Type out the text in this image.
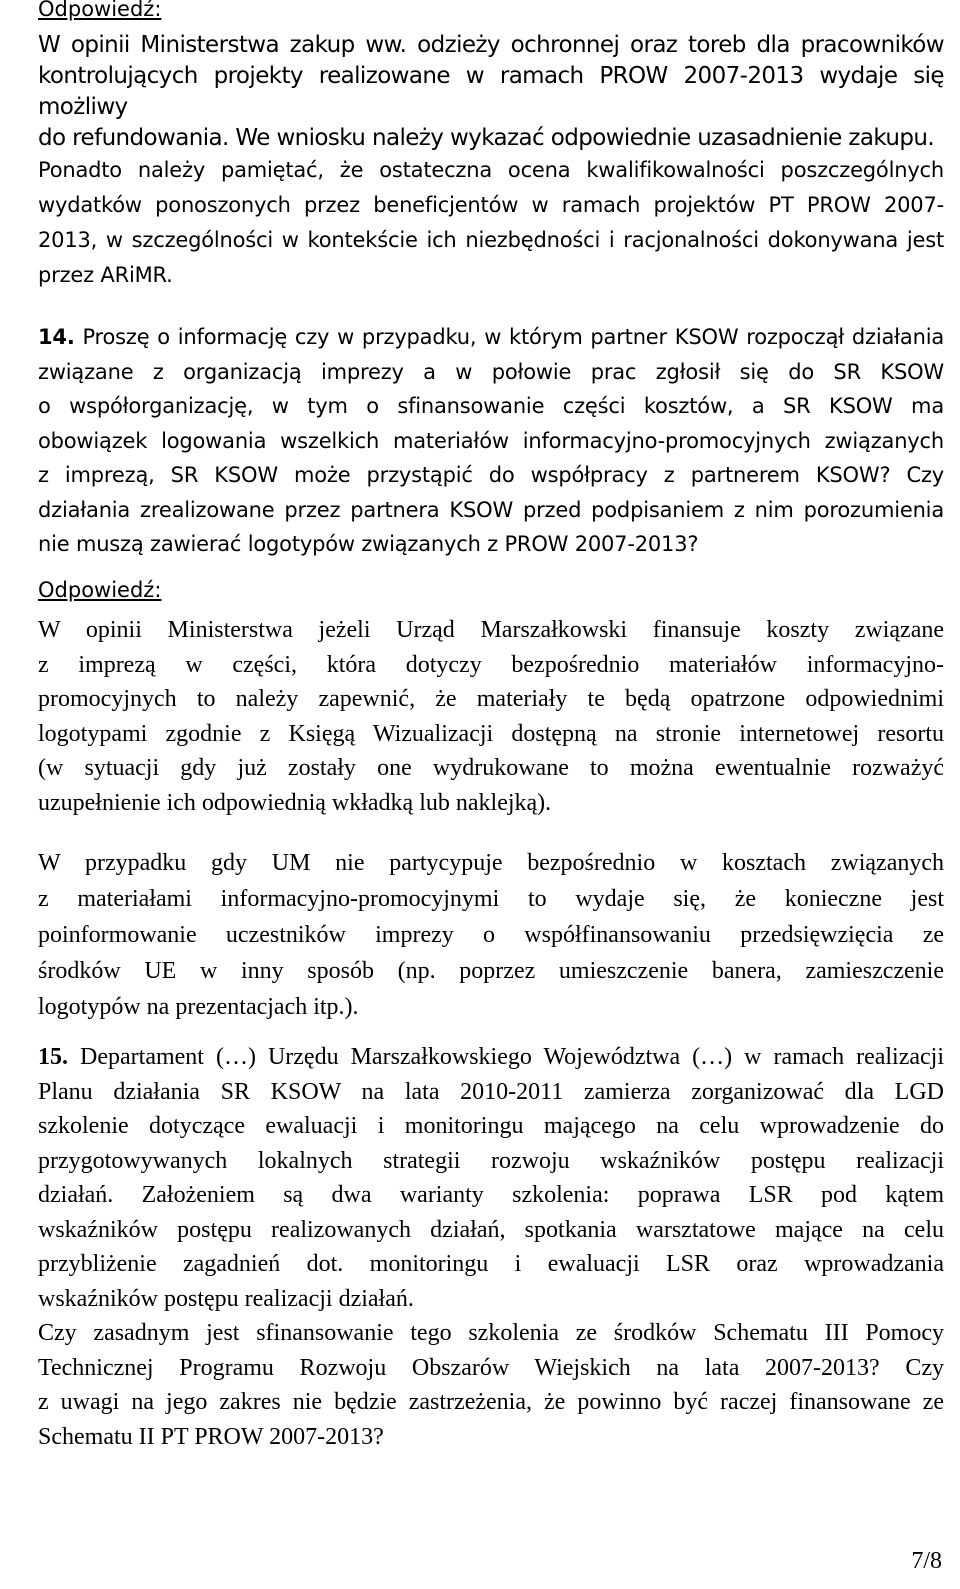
Odpowiedź:
W opinii Ministerstwa zakup ww. odzieży ochronnej oraz toreb dla pracowników
kontrolujących projekty realizowane w ramach PROW 2007-2013 wydaje się możliwy
do refundowania. We wniosku należy wykazać odpowiednie uzasadnienie zakupu.
Ponadto należy pamiętać, że ostateczna ocena kwalifikowalności poszczególnych
wydatków ponoszonych przez beneficjentów w ramach projektów PT PROW 2007-
2013, w szczególności w kontekście ich niezbędności i racjonalności dokonywana jest
przez ARiMR.
14. Proszę o informację czy w przypadku, w którym partner KSOW rozpoczął działania
związane z organizacją imprezy a w połowie prac zgłosił się do SR KSOW
o współorganizację, w tym o sfinansowanie części kosztów, a SR KSOW ma
obowiązek logowania wszelkich materiałów informacyjno-promocyjnych związanych
z imprezą, SR KSOW może przystąpić do współpracy z partnerem KSOW? Czy
działania zrealizowane przez partnera KSOW przed podpisaniem z nim porozumienia
nie muszą zawierać logotypów związanych z PROW 2007-2013?
Odpowiedź:
W opinii Ministerstwa jeżeli Urząd Marszałkowski finansuje koszty związane
z imprezą w części, która dotyczy bezpośrednio materiałów informacyjno-
promocyjnych to należy zapewnić, że materiały te będą opatrzone odpowiednimi
logotypami zgodnie z Księgą Wizualizacji dostępną na stronie internetowej resortu
(w sytuacji gdy już zostały one wydrukowane to można ewentualnie rozważyć
uzupełnienie ich odpowiednią wkładką lub naklejką).
W przypadku gdy UM nie partycypuje bezpośrednio w kosztach związanych
z materiałami informacyjno-promocyjnymi to wydaje się, że konieczne jest
poinformowanie uczestników imprezy o współfinansowaniu przedsięwzięcia ze
środków UE w inny sposób (np. poprzez umieszczenie banera, zamieszczenie
logotypów na prezentacjach itp.).
15. Departament (…) Urzędu Marszałkowskiego Województwa (…) w ramach realizacji
Planu działania SR KSOW na lata 2010-2011 zamierza zorganizować dla LGD
szkolenie dotyczące ewaluacji i monitoringu mającego na celu wprowadzenie do
przygotowywanych lokalnych strategii rozwoju wskaźników postępu realizacji
działań. Założeniem są dwa warianty szkolenia: poprawa LSR pod kątem
wskaźników postępu realizowanych działań, spotkania warsztatowe mające na celu
przybliżenie zagadnień dot. monitoringu i ewaluacji LSR oraz wprowadzania
wskaźników postępu realizacji działań.
Czy zasadnym jest sfinansowanie tego szkolenia ze środków Schematu III Pomocy
Technicznej Programu Rozwoju Obszarów Wiejskich na lata 2007-2013? Czy
z uwagi na jego zakres nie będzie zastrzeżenia, że powinno być raczej finansowane ze
Schematu II PT PROW 2007-2013?
7/8
